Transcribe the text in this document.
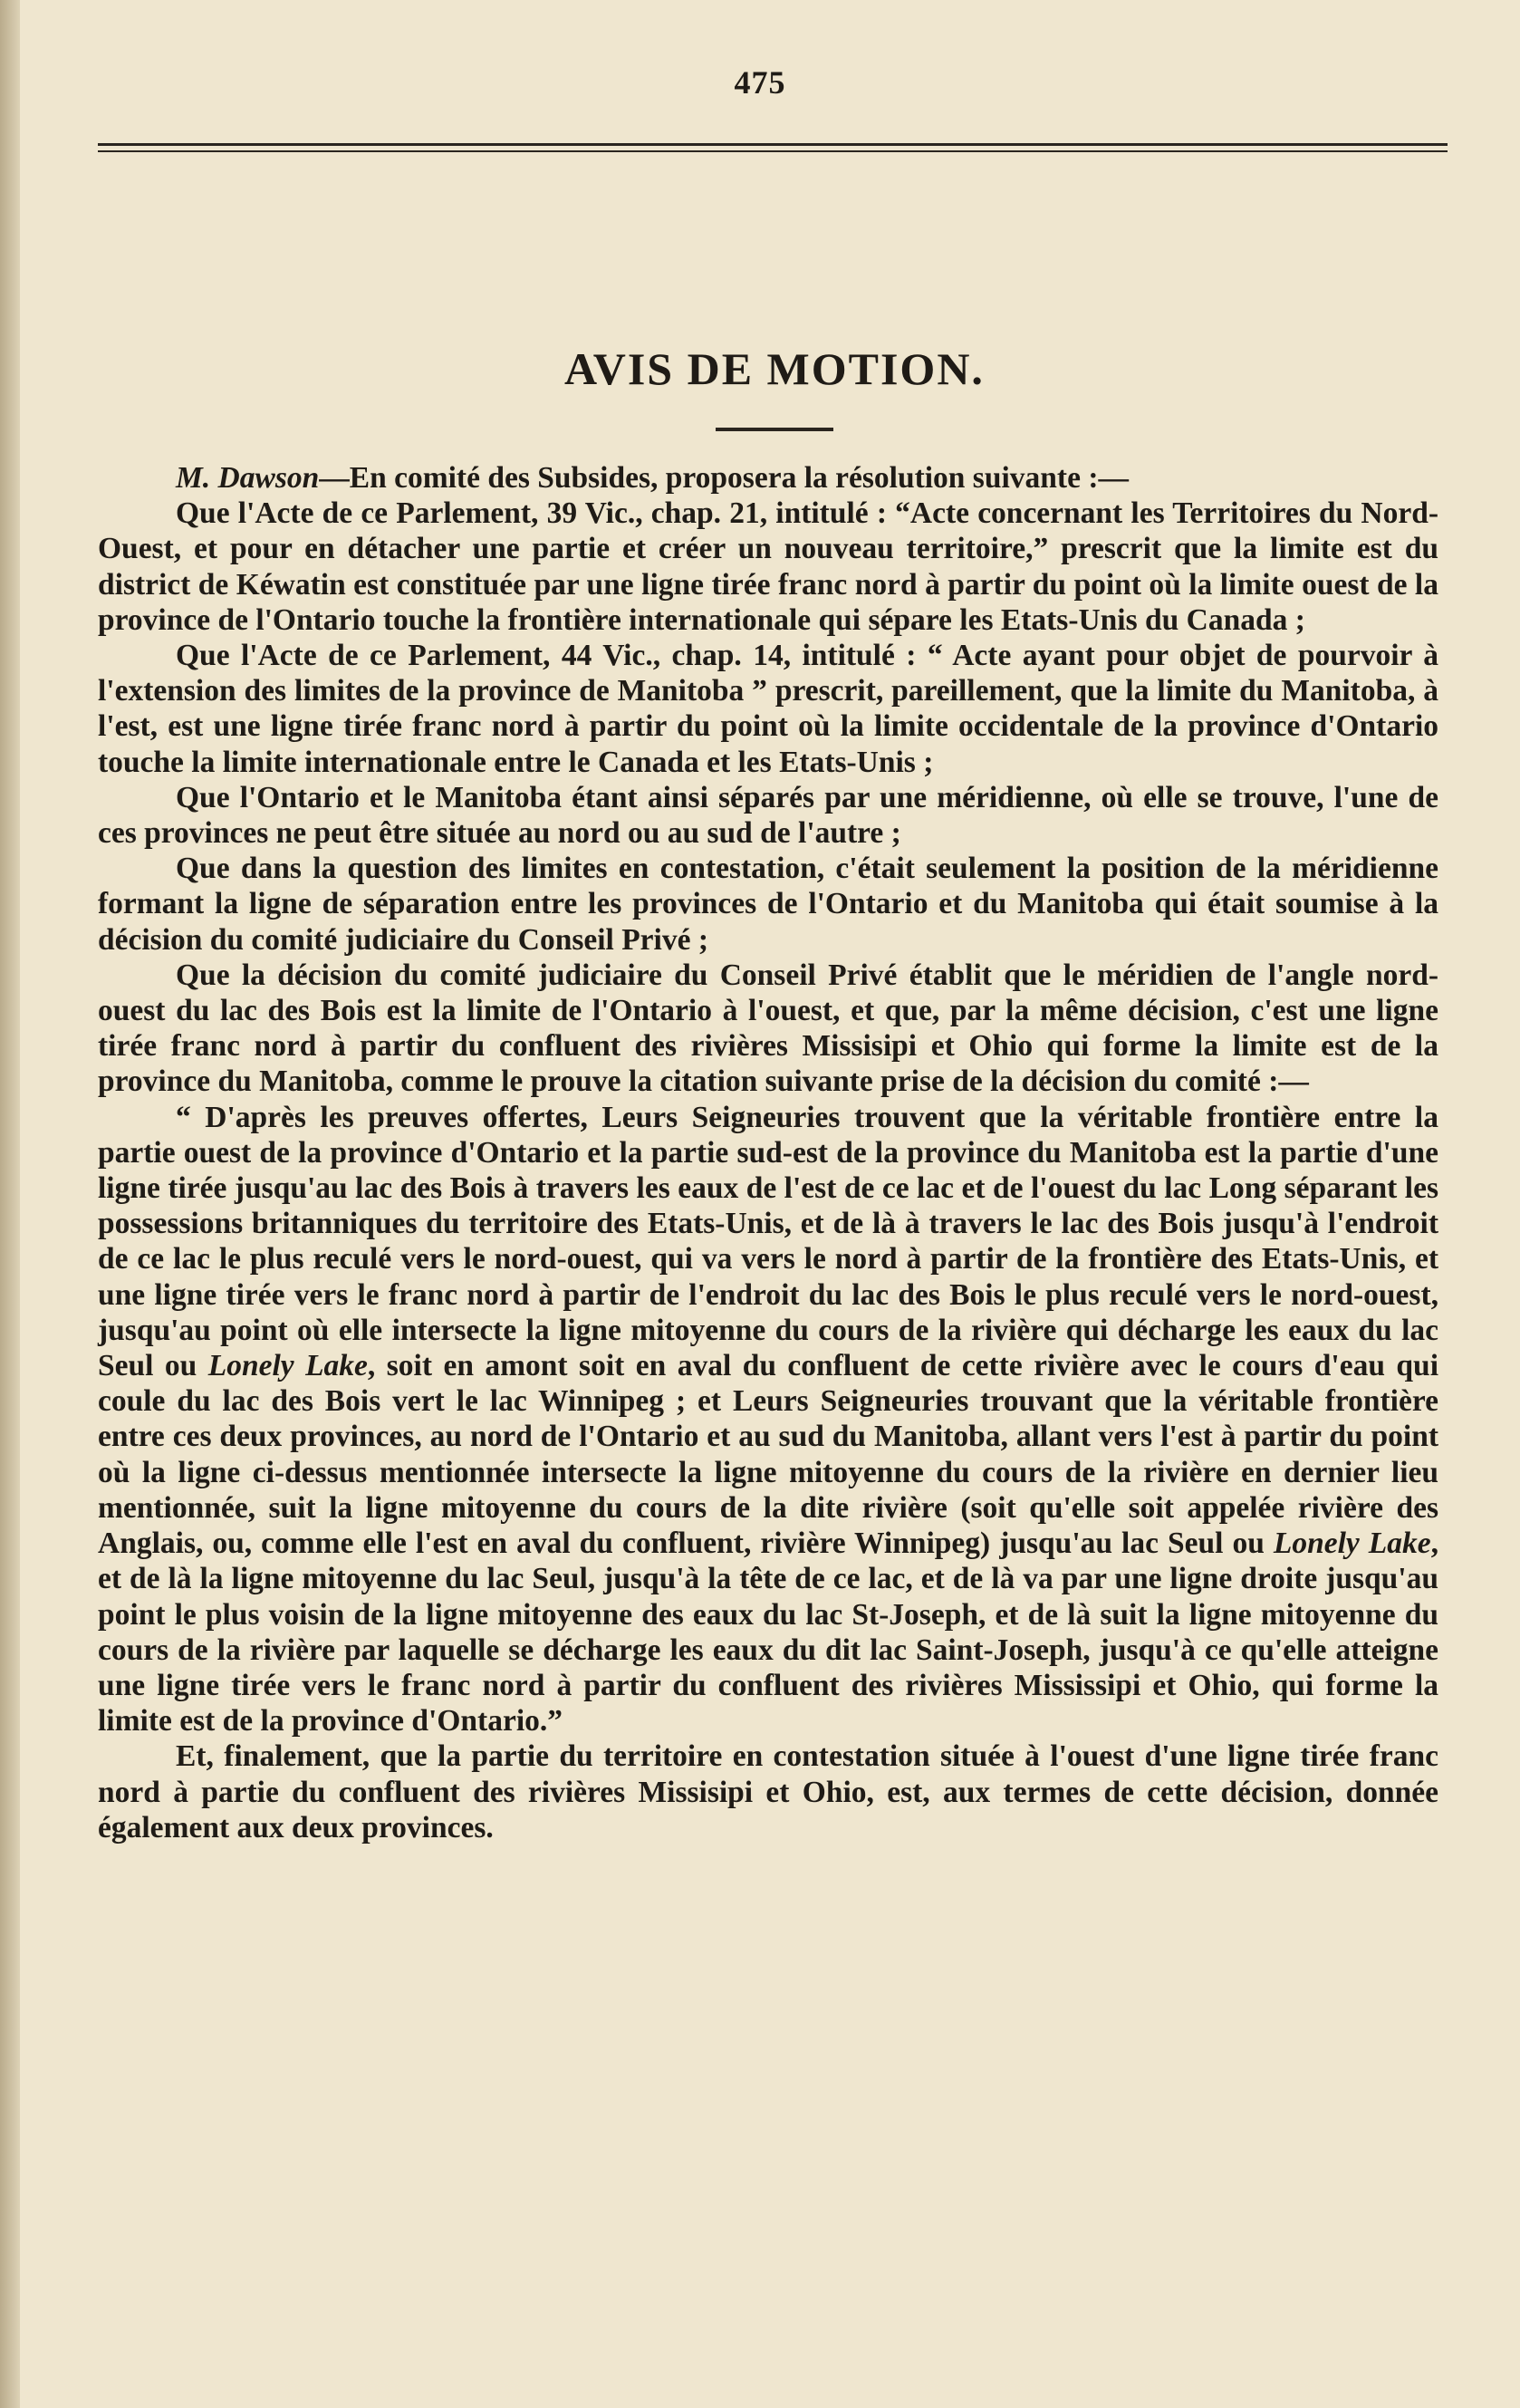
475
AVIS DE MOTION.

M. Dawson—En comité des Subsides, proposera la résolution suivante :—

Que l'Acte de ce Parlement, 39 Vic., chap. 21, intitulé : “Acte concernant les Territoires du Nord-Ouest, et pour en détacher une partie et créer un nouveau territoire,” prescrit que la limite est du district de Kéwatin est constituée par une ligne tirée franc nord à partir du point où la limite ouest de la province de l'Ontario touche la frontière internationale qui sépare les Etats-Unis du Canada ;

Que l'Acte de ce Parlement, 44 Vic., chap. 14, intitulé : “ Acte ayant pour objet de pourvoir à l'extension des limites de la province de Manitoba ” prescrit, pareillement, que la limite du Manitoba, à l'est, est une ligne tirée franc nord à partir du point où la limite occidentale de la province d'Ontario touche la limite internationale entre le Canada et les Etats-Unis ;

Que l'Ontario et le Manitoba étant ainsi séparés par une méridienne, où elle se trouve, l'une de ces provinces ne peut être située au nord ou au sud de l'autre ;

Que dans la question des limites en contestation, c'était seulement la position de la méridienne formant la ligne de séparation entre les provinces de l'Ontario et du Manitoba qui était soumise à la décision du comité judiciaire du Conseil Privé ;

Que la décision du comité judiciaire du Conseil Privé établit que le méridien de l'angle nord-ouest du lac des Bois est la limite de l'Ontario à l'ouest, et que, par la même décision, c'est une ligne tirée franc nord à partir du confluent des rivières Missisipi et Ohio qui forme la limite est de la province du Manitoba, comme le prouve la citation suivante prise de la décision du comité :—

“ D'après les preuves offertes, Leurs Seigneuries trouvent que la véritable frontière entre la partie ouest de la province d'Ontario et la partie sud-est de la province du Manitoba est la partie d'une ligne tirée jusqu'au lac des Bois à travers les eaux de l'est de ce lac et de l'ouest du lac Long séparant les possessions britanniques du territoire des Etats-Unis, et de là à travers le lac des Bois jusqu'à l'endroit de ce lac le plus reculé vers le nord-ouest, qui va vers le nord à partir de la frontière des Etats-Unis, et une ligne tirée vers le franc nord à partir de l'endroit du lac des Bois le plus reculé vers le nord-ouest, jusqu'au point où elle intersecte la ligne mitoyenne du cours de la rivière qui décharge les eaux du lac Seul ou Lonely Lake, soit en amont soit en aval du confluent de cette rivière avec le cours d'eau qui coule du lac des Bois vert le lac Winnipeg ; et Leurs Seigneuries trouvant que la véritable frontière entre ces deux provinces, au nord de l'Ontario et au sud du Manitoba, allant vers l'est à partir du point où la ligne ci-dessus mentionnée intersecte la ligne mitoyenne du cours de la rivière en dernier lieu mentionnée, suit la ligne mitoyenne du cours de la dite rivière (soit qu'elle soit appelée rivière des Anglais, ou, comme elle l'est en aval du confluent, rivière Winnipeg) jusqu'au lac Seul ou Lonely Lake, et de là la ligne mitoyenne du lac Seul, jusqu'à la tête de ce lac, et de là va par une ligne droite jusqu'au point le plus voisin de la ligne mitoyenne des eaux du lac St-Joseph, et de là suit la ligne mitoyenne du cours de la rivière par laquelle se décharge les eaux du dit lac Saint-Joseph, jusqu'à ce qu'elle atteigne une ligne tirée vers le franc nord à partir du confluent des rivières Mississipi et Ohio, qui forme la limite est de la province d'Ontario.”

Et, finalement, que la partie du territoire en contestation située à l'ouest d'une ligne tirée franc nord à partie du confluent des rivières Missisipi et Ohio, est, aux termes de cette décision, donnée également aux deux provinces.
